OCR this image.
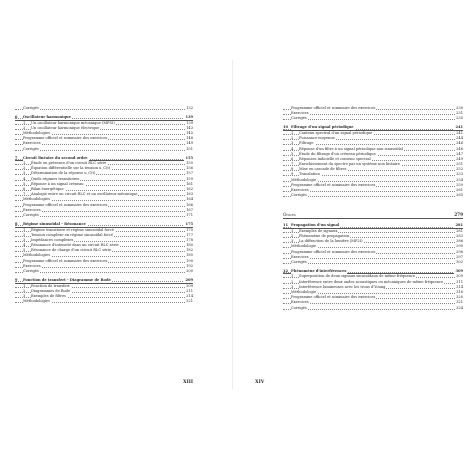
Corrigés	132
6	Oscillateur harmonique	139
1 Un oscillateur harmonique mécanique (MPSI)	139
2 Un oscillateur harmonique électrique	143
Méthodologies	145
Programme officiel et sommaire des exercices	148
Exercices	149
Corrigés	151
7	Circuit linéaire du second ordre	155
1 Étude en présence d'un circuit RLC série	155
2 Équation différentielle sur la tension u_C(t)	156
3 Détermination de la réponse u_C(t)	157
4 Quels régimes transitoires	159
5 Réponse à un signal créneau	161
6 Bilan énergétique	162
7 Analogie entre un circuit RLC et un oscillateur mécanique	163
Méthodologies	164
Programme officiel et sommaire des exercices	166
Exercices	167
Corrigés	171
8	Régime sinusoïdal - Résonance	175
1 Régime transitoire et régime sinusoïdal forcé	175
2 Tension complexe en régime sinusoïdal forcé	177
3 Impédances complexes	178
4 Résonance d'intensité dans un circuit RLC série	180
5 Résonance de charge d'un circuit RLC série	182
Méthodologies	185
Programme officiel et sommaire des exercices	190
Exercices	192
Corrigés	200
9	Fonction de transfert - Diagramme de Bode	209
1 Fonction de transfert	209
2 Diagrammes de Bode	211
3 Exemples de filtres	214
Méthodologies	221
XIII
Programme officiel et sommaire des exercices	230
Exercices	231
Corrigés	235
10 Filtrage d'un signal périodique	241
1 Contenu spectral d'un signal périodique	241
2 Puissance moyenne	244
3 Filtrage	246
4 Réponse d'un filtre à un signal périodique non sinusoïdal	246
5 Étude du filtrage d'un créneau périodique	247
6 Réponses indicielle et contenu spectral	249
7 Enrichissement du spectre par un système non linéaire	251
8 Mise en cascade de filtres	252
9 Translation	253
Méthodologie	254
Programme officiel et sommaire des exercices	259
Exercices	261
Corrigés	265
Ondes	279
11 Propagation d'un signal	281
1 Exemples de signaux	281
2 Phénomène de propagation	283
3 La diffraction de la lumière (MP2I)	286
Méthodologie	290
Programme officiel et sommaire des exercices	296
Exercices	297
Corrigés	302
12 Phénomène d'interférences	309
1 Superposition de deux signaux sinusoïdaux de même fréquence	309
2 Interférence entre deux ondes acoustiques ou mécaniques de même fréquence	311
3 Interférence lumineuses avec les trous d'Young	314
Méthodologie	316
Programme officiel et sommaire des exercices	320
Exercices	321
Corrigés	324
XIV
